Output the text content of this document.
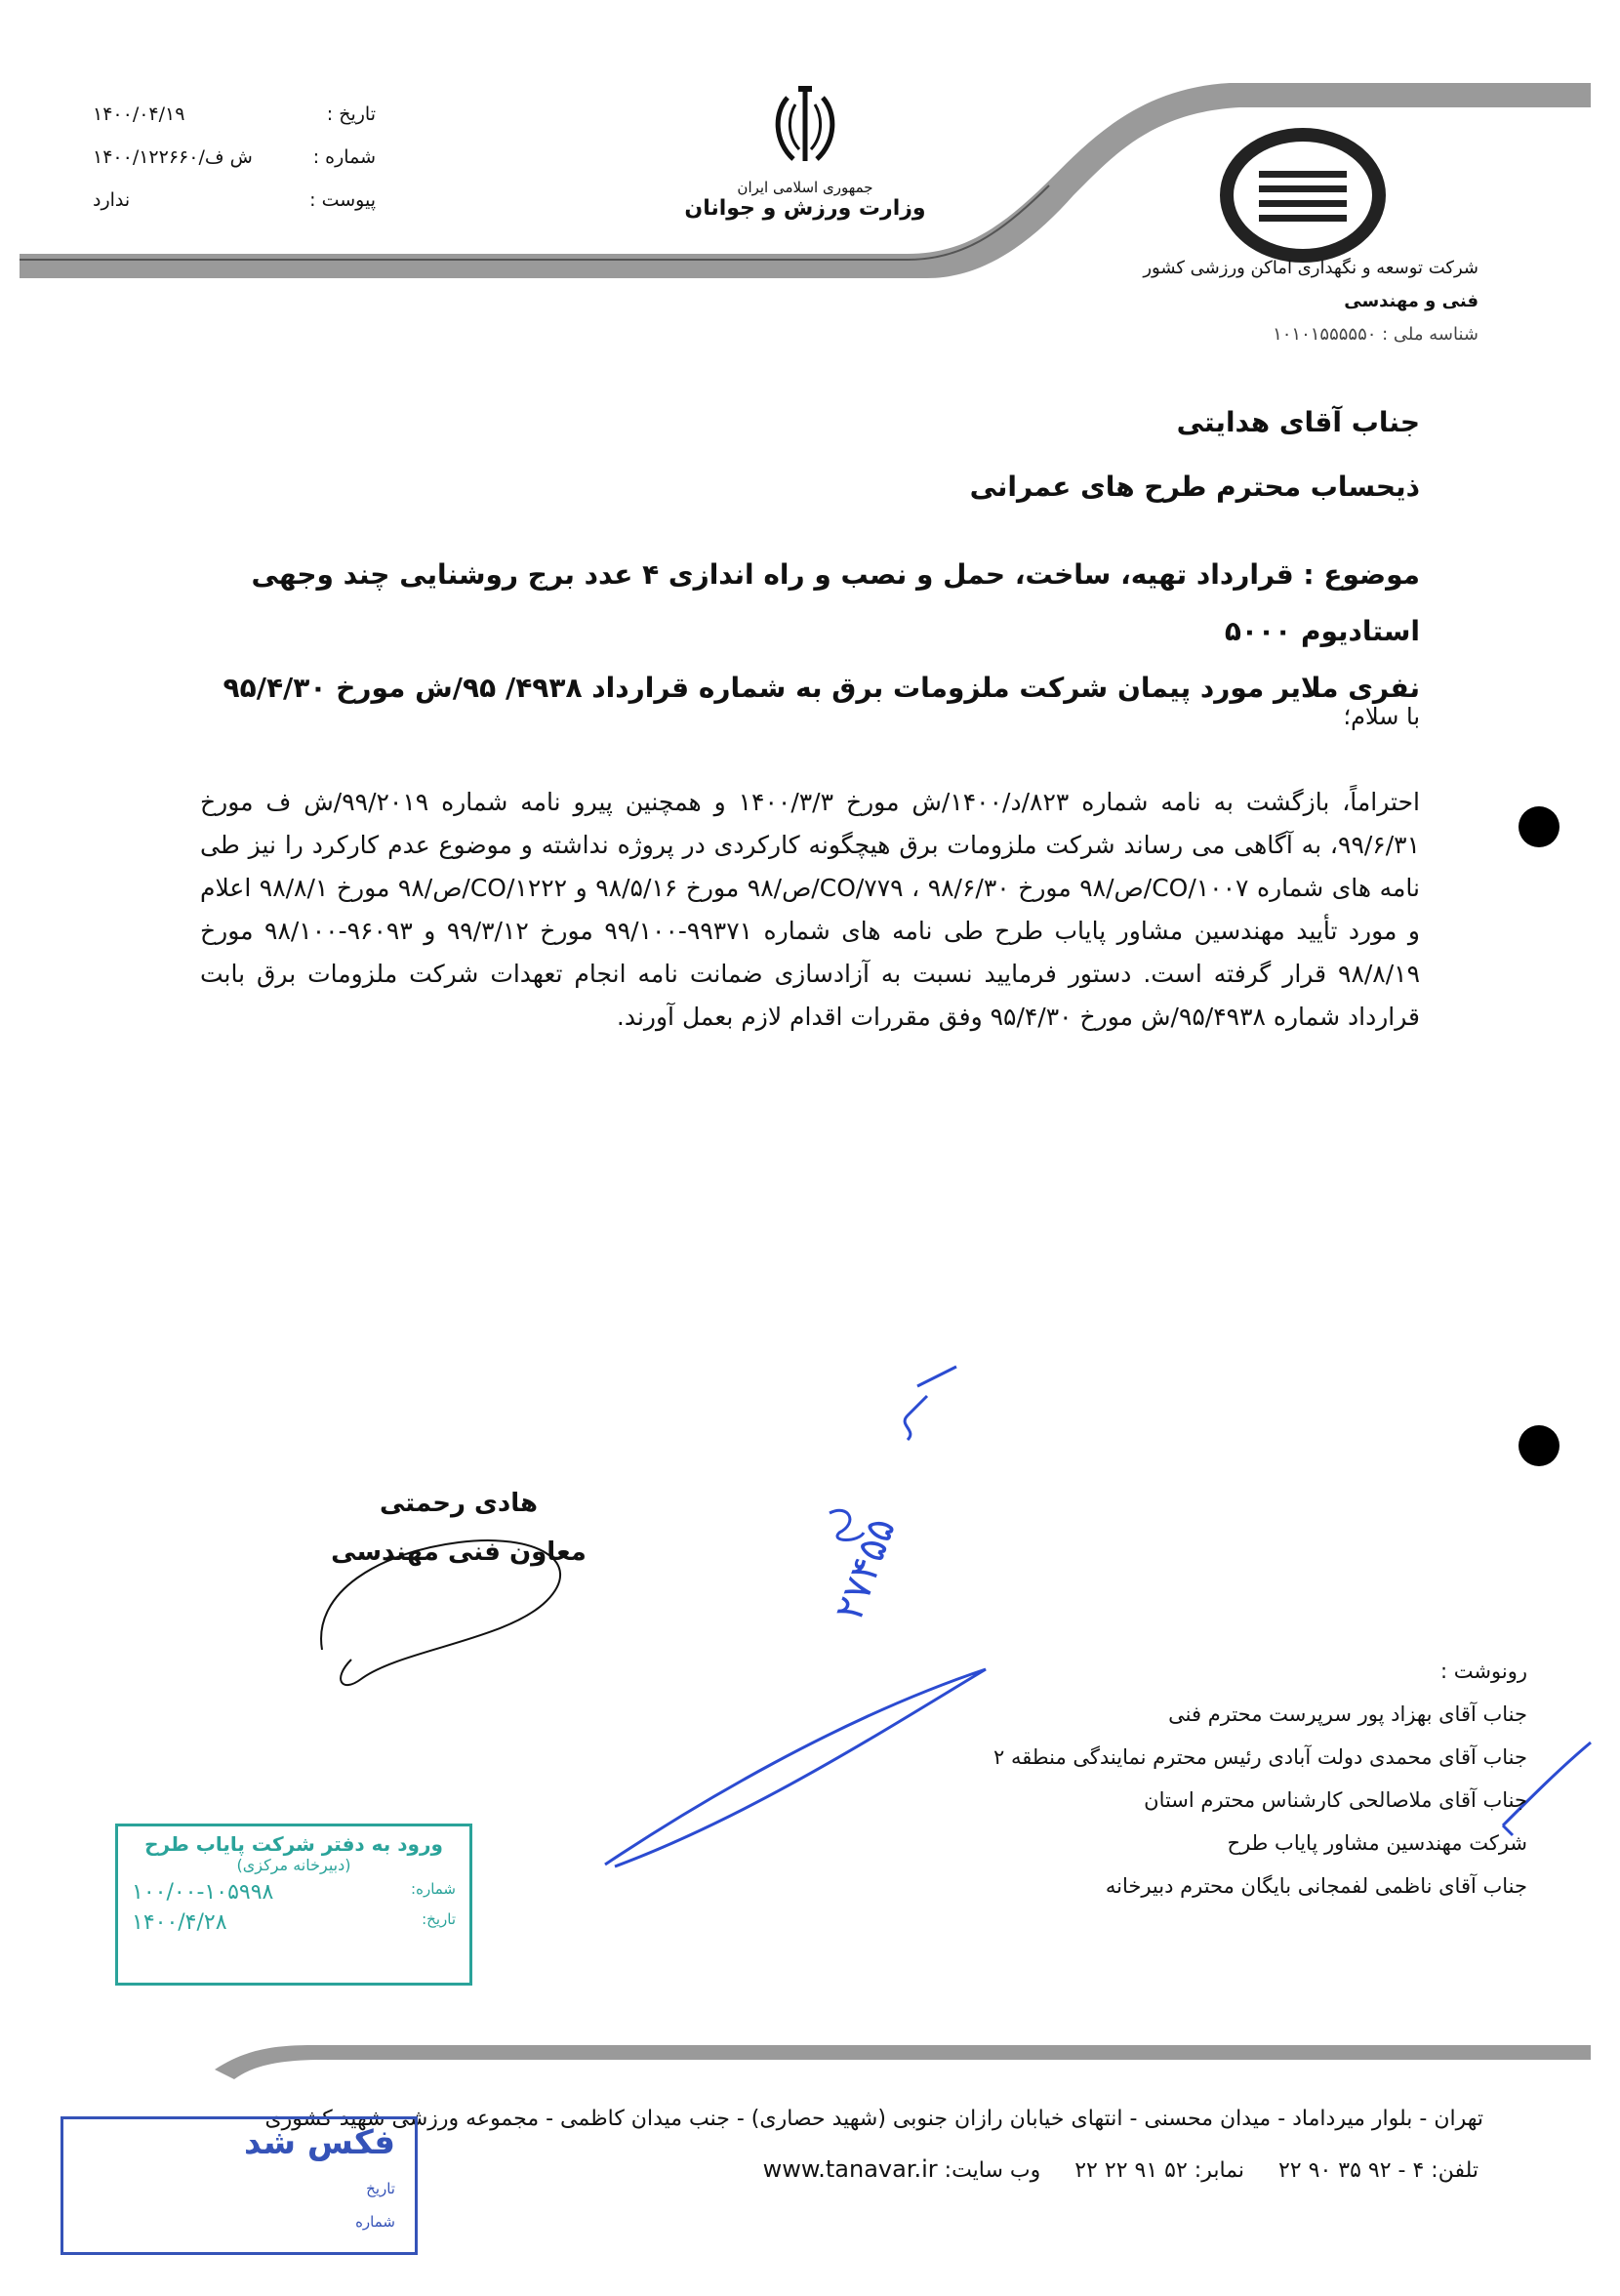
تاریخ :
۱۴۰۰/۰۴/۱۹
شماره :
۱۴۰۰/۱۲۲۶۶۰/ش ف
پیوست :
ندارد
جمهوری اسلامی ایران
وزارت ورزش و جوانان
شرکت توسعه و نگهداری اماکن ورزشی کشور
فنی و مهندسی
شناسه ملی : ۱۰۱۰۱۵۵۵۵۵۰
جناب آقای هدایتی
ذیحساب محترم طرح های عمرانی
موضوع : قرارداد تهیه، ساخت، حمل و نصب و راه اندازی ۴ عدد برج روشنایی چند وجهی استادیوم ۵۰۰۰
نفری ملایر مورد پیمان شرکت ملزومات برق به شماره قرارداد ۴۹۳۸/ ۹۵/ش مورخ ۹۵/۴/۳۰
با سلام؛
احتراماً، بازگشت به نامه شماره ۸۲۳/د/۱۴۰۰/ش مورخ ۱۴۰۰/۳/۳ و همچنین پیرو نامه شماره ۹۹/۲۰۱۹/ش ف مورخ ۹۹/۶/۳۱، به آگاهی می رساند شرکت ملزومات برق هیچگونه کارکردی در پروژه نداشته و موضوع عدم کارکرد را نیز طی نامه های شماره CO/۱۰۰۷/ص/۹۸ مورخ ۹۸/۶/۳۰ ، CO/۷۷۹/ص/۹۸ مورخ ۹۸/۵/۱۶ و CO/۱۲۲۲/ص/۹۸ مورخ ۹۸/۸/۱ اعلام و مورد تأیید مهندسین مشاور پایاب طرح طی نامه های شماره ۹۹۳۷۱-۹۹/۱۰۰ مورخ ۹۹/۳/۱۲ و ۹۶۰۹۳-۹۸/۱۰۰ مورخ ۹۸/۸/۱۹ قرار گرفته است. دستور فرمایید نسبت به آزادسازی ضمانت نامه انجام تعهدات شرکت ملزومات برق بابت قرارداد شماره ۹۵/۴۹۳۸/ش مورخ ۹۵/۴/۳۰ وفق مقررات اقدام لازم بعمل آورند.
۲۷۴۵۵
هادی رحمتی
معاون فنی مهندسی
رونوشت :
جناب آقای بهزاد پور سرپرست محترم فنی
جناب آقای محمدی دولت آبادی رئیس محترم نمایندگی منطقه ۲
جناب آقای ملاصالحی کارشناس محترم استان
شرکت مهندسین مشاور پایاب طرح
جناب آقای ناظمی لفمجانی بایگان محترم دبیرخانه
ورود به دفتر شرکت پایاب طرح
(دبیرخانه مرکزی)
شماره:
۱۰۰/۰۰-۱۰۵۹۹۸
تاریخ:
۱۴۰۰/۴/۲۸
تهران - بلوار میرداماد - میدان محسنی - انتهای خیابان رازان جنوبی (شهید حصاری) - جنب میدان کاظمی - مجموعه ورزشی شهید کشوری
تلفن: ۴ - ۹۲ ۳۵ ۹۰ ۲۲     نمابر: ۵۲ ۹۱ ۲۲ ۲۲     وب سایت: www.tanavar.ir
فکس شد
تاریخ
شماره
